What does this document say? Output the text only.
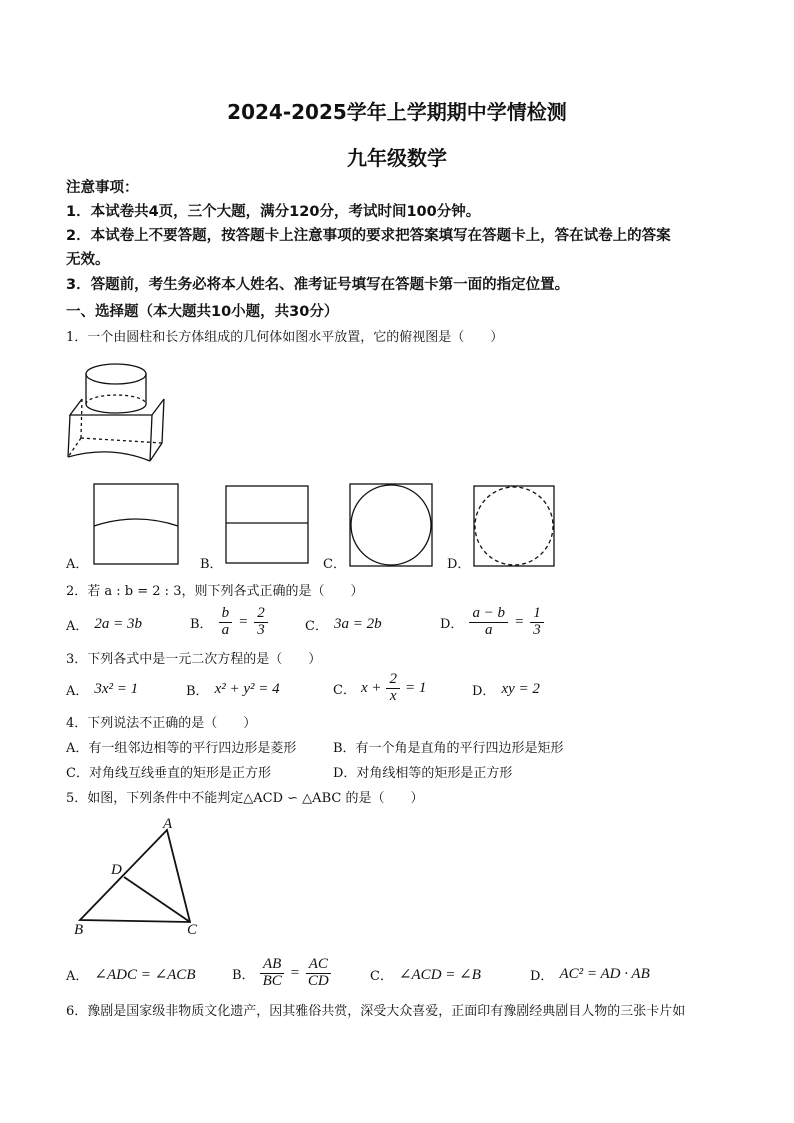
2024-2025学年上学期期中学情检测
九年级数学
注意事项：
1．本试卷共4页，三个大题，满分120分，考试时间100分钟。
2．本试卷上不要答题，按答题卡上注意事项的要求把答案填写在答题卡上，答在试卷上的答案
无效。
3．答题前，考生务必将本人姓名、准考证号填写在答题卡第一面的指定位置。
一、选择题（本大题共10小题，共30分）
1．一个由圆柱和长方体组成的几何体如图水平放置，它的俯视图是（　　）
A．	B．	C．	D．
2．若 a : b = 2 : 3，则下列各式正确的是（　　）
A． 2a = 3b	B． $\frac{b}{a} = \frac{2}{3}$	C． 3a = 2b	D． $\frac{a - b}{a} = \frac{1}{3}$
3．下列各式中是一元二次方程的是（　　）
A． 3x² = 1	B． x² + y² = 4	C． $x + \frac{2}{x} = 1$	D． xy = 2
4．下列说法不正确的是（　　）
A．有一组邻边相等的平行四边形是菱形	B．有一个角是直角的平行四边形是矩形
C．对角线互线垂直的矩形是正方形	D．对角线相等的矩形是正方形
5．如图，下列条件中不能判定△ACD ∽ △ABC 的是（　　）
A
D
B	C
A． ∠ADC = ∠ACB	B． $\frac{AB}{BC} = \frac{AC}{CD}$	C． ∠ACD = ∠B	D． AC² = AD · AB
6．豫剧是国家级非物质文化遗产，因其雅俗共赏，深受大众喜爱，正面印有豫剧经典剧目人物的三张卡片如
